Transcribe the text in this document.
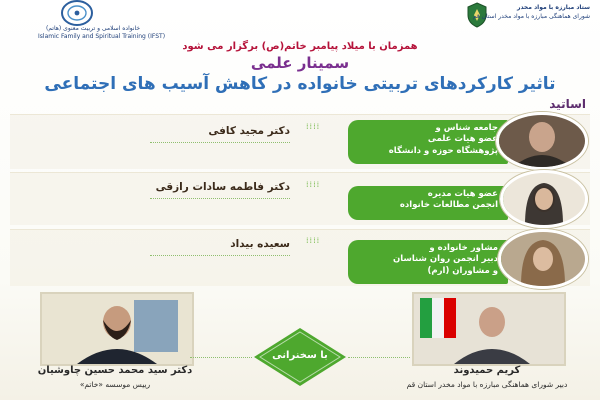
خانواده اسلامی و تربیت معنوی (هاتم)
Islamic Family and Spiritual Training (IFST)
ستاد مبارزه با مواد مخدر
شورای هماهنگی مبارزه با مواد مخدر استان قم
همزمان با میلاد پیامبر خاتم(ص) برگزار می شود
سمینار علمی
تاثیر کارکردهای تربیتی خانواده در کاهش آسیب های اجتماعی
اساتید
دکتر مجید کافی ⁞⁞⁞⁞	جامعه شناس و
عضو هیات علمی
پژوهشگاه حوزه و دانشگاه
دکتر فاطمه سادات رازقی ⁞⁞⁞⁞
عضو هیات مدیره
انجمن مطالعات خانواده
سعیده بیداد ⁞⁞⁞⁞
مشاور خانواده و
دبیر انجمن روان شناسان
و مشاوران (ارم)
دکتر سید محمد حسین چاوشیان
رییس موسسه «خاتم»
با سخنرانی
کریم حمیدوند
دبیر شورای هماهنگی مبارزه با مواد مخدر استان قم
